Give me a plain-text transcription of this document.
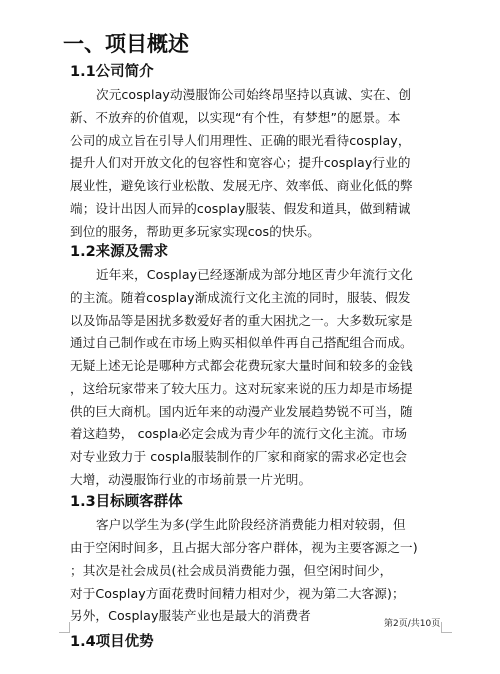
一、项目概述
1.1公司简介
次元cosplay动漫服饰公司始终昂坚持以真诚、实在、创
新、不放弃的价值观，以实现“有个性，有梦想”的愿景。本
公司的成立旨在引导人们用理性、正确的眼光看待cosplay，
提升人们对开放文化的包容性和宽容心；提升cosplay行业的
展业性，避免该行业松散、发展无序、效率低、商业化低的弊
端；设计出因人而异的cosplay服装、假发和道具，做到精诚
到位的服务，帮助更多玩家实现cos的快乐。
1.2来源及需求
近年来，Cosplay已经逐渐成为部分地区青少年流行文化
的主流。随着cosplay渐成流行文化主流的同时，服装、假发
以及饰品等是困扰多数爱好者的重大困扰之一。大多数玩家是
通过自己制作或在市场上购买相似单件再自己搭配组合而成。
无疑上述无论是哪种方式都会花费玩家大量时间和较多的金钱
，这给玩家带来了较大压力。这对玩家来说的压力却是市场提
供的巨大商机。国内近年来的动漫产业发展趋势锐不可当，随
着这趋势， cospla必定会成为青少年的流行文化主流。市场
对专业致力于 cospla服装制作的厂家和商家的需求必定也会
大增，动漫服饰行业的市场前景一片光明。
1.3目标顾客群体
客户以学生为多(学生此阶段经济消费能力相对较弱，但
由于空闲时间多，且占据大部分客户群体，视为主要客源之一)
；其次是社会成员(社会成员消费能力强，但空闲时间少，
对于Cosplay方面花费时间精力相对少，视为第二大客源)；
另外，Cosplay服装产业也是最大的消费者
1.4项目优势
第2页/共10页
